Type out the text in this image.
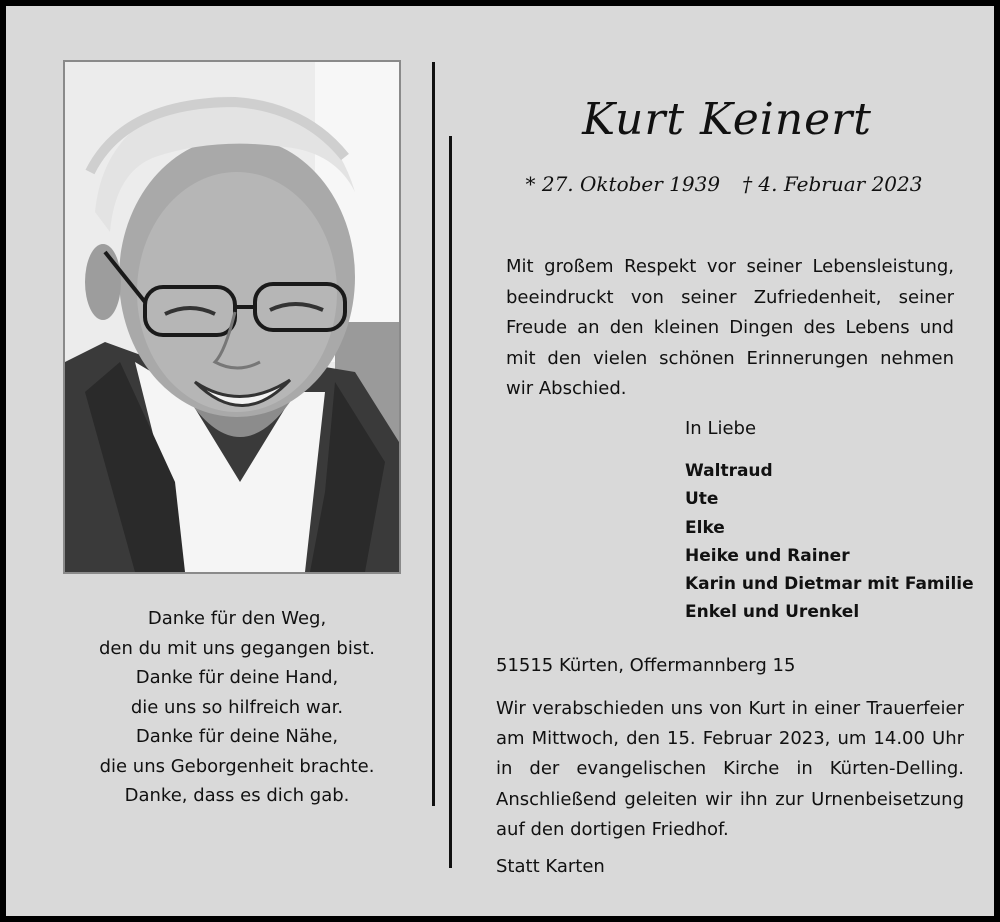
Danke für den Weg,
den du mit uns gegangen bist.
Danke für deine Hand,
die uns so hilfreich war.
Danke für deine Nähe,
die uns Geborgenheit brachte.
Danke, dass es dich gab.
Kurt Keinert
* 27. Oktober 1939 † 4. Februar 2023
Mit großem Respekt vor seiner Lebensleistung, beeindruckt von seiner Zufriedenheit, seiner Freude an den kleinen Dingen des Lebens und mit den vielen schönen Erinnerungen nehmen wir Abschied.
In Liebe
Waltraud
Ute
Elke
Heike und Rainer
Karin und Dietmar mit Familie
Enkel und Urenkel
51515 Kürten, Offermannberg 15
Wir verabschieden uns von Kurt in einer Trauerfeier am Mittwoch, den 15. Februar 2023, um 14.00 Uhr in der evangelischen Kirche in Kürten-Delling. Anschließend geleiten wir ihn zur Urnenbeisetzung auf den dortigen Friedhof.
Statt Karten
